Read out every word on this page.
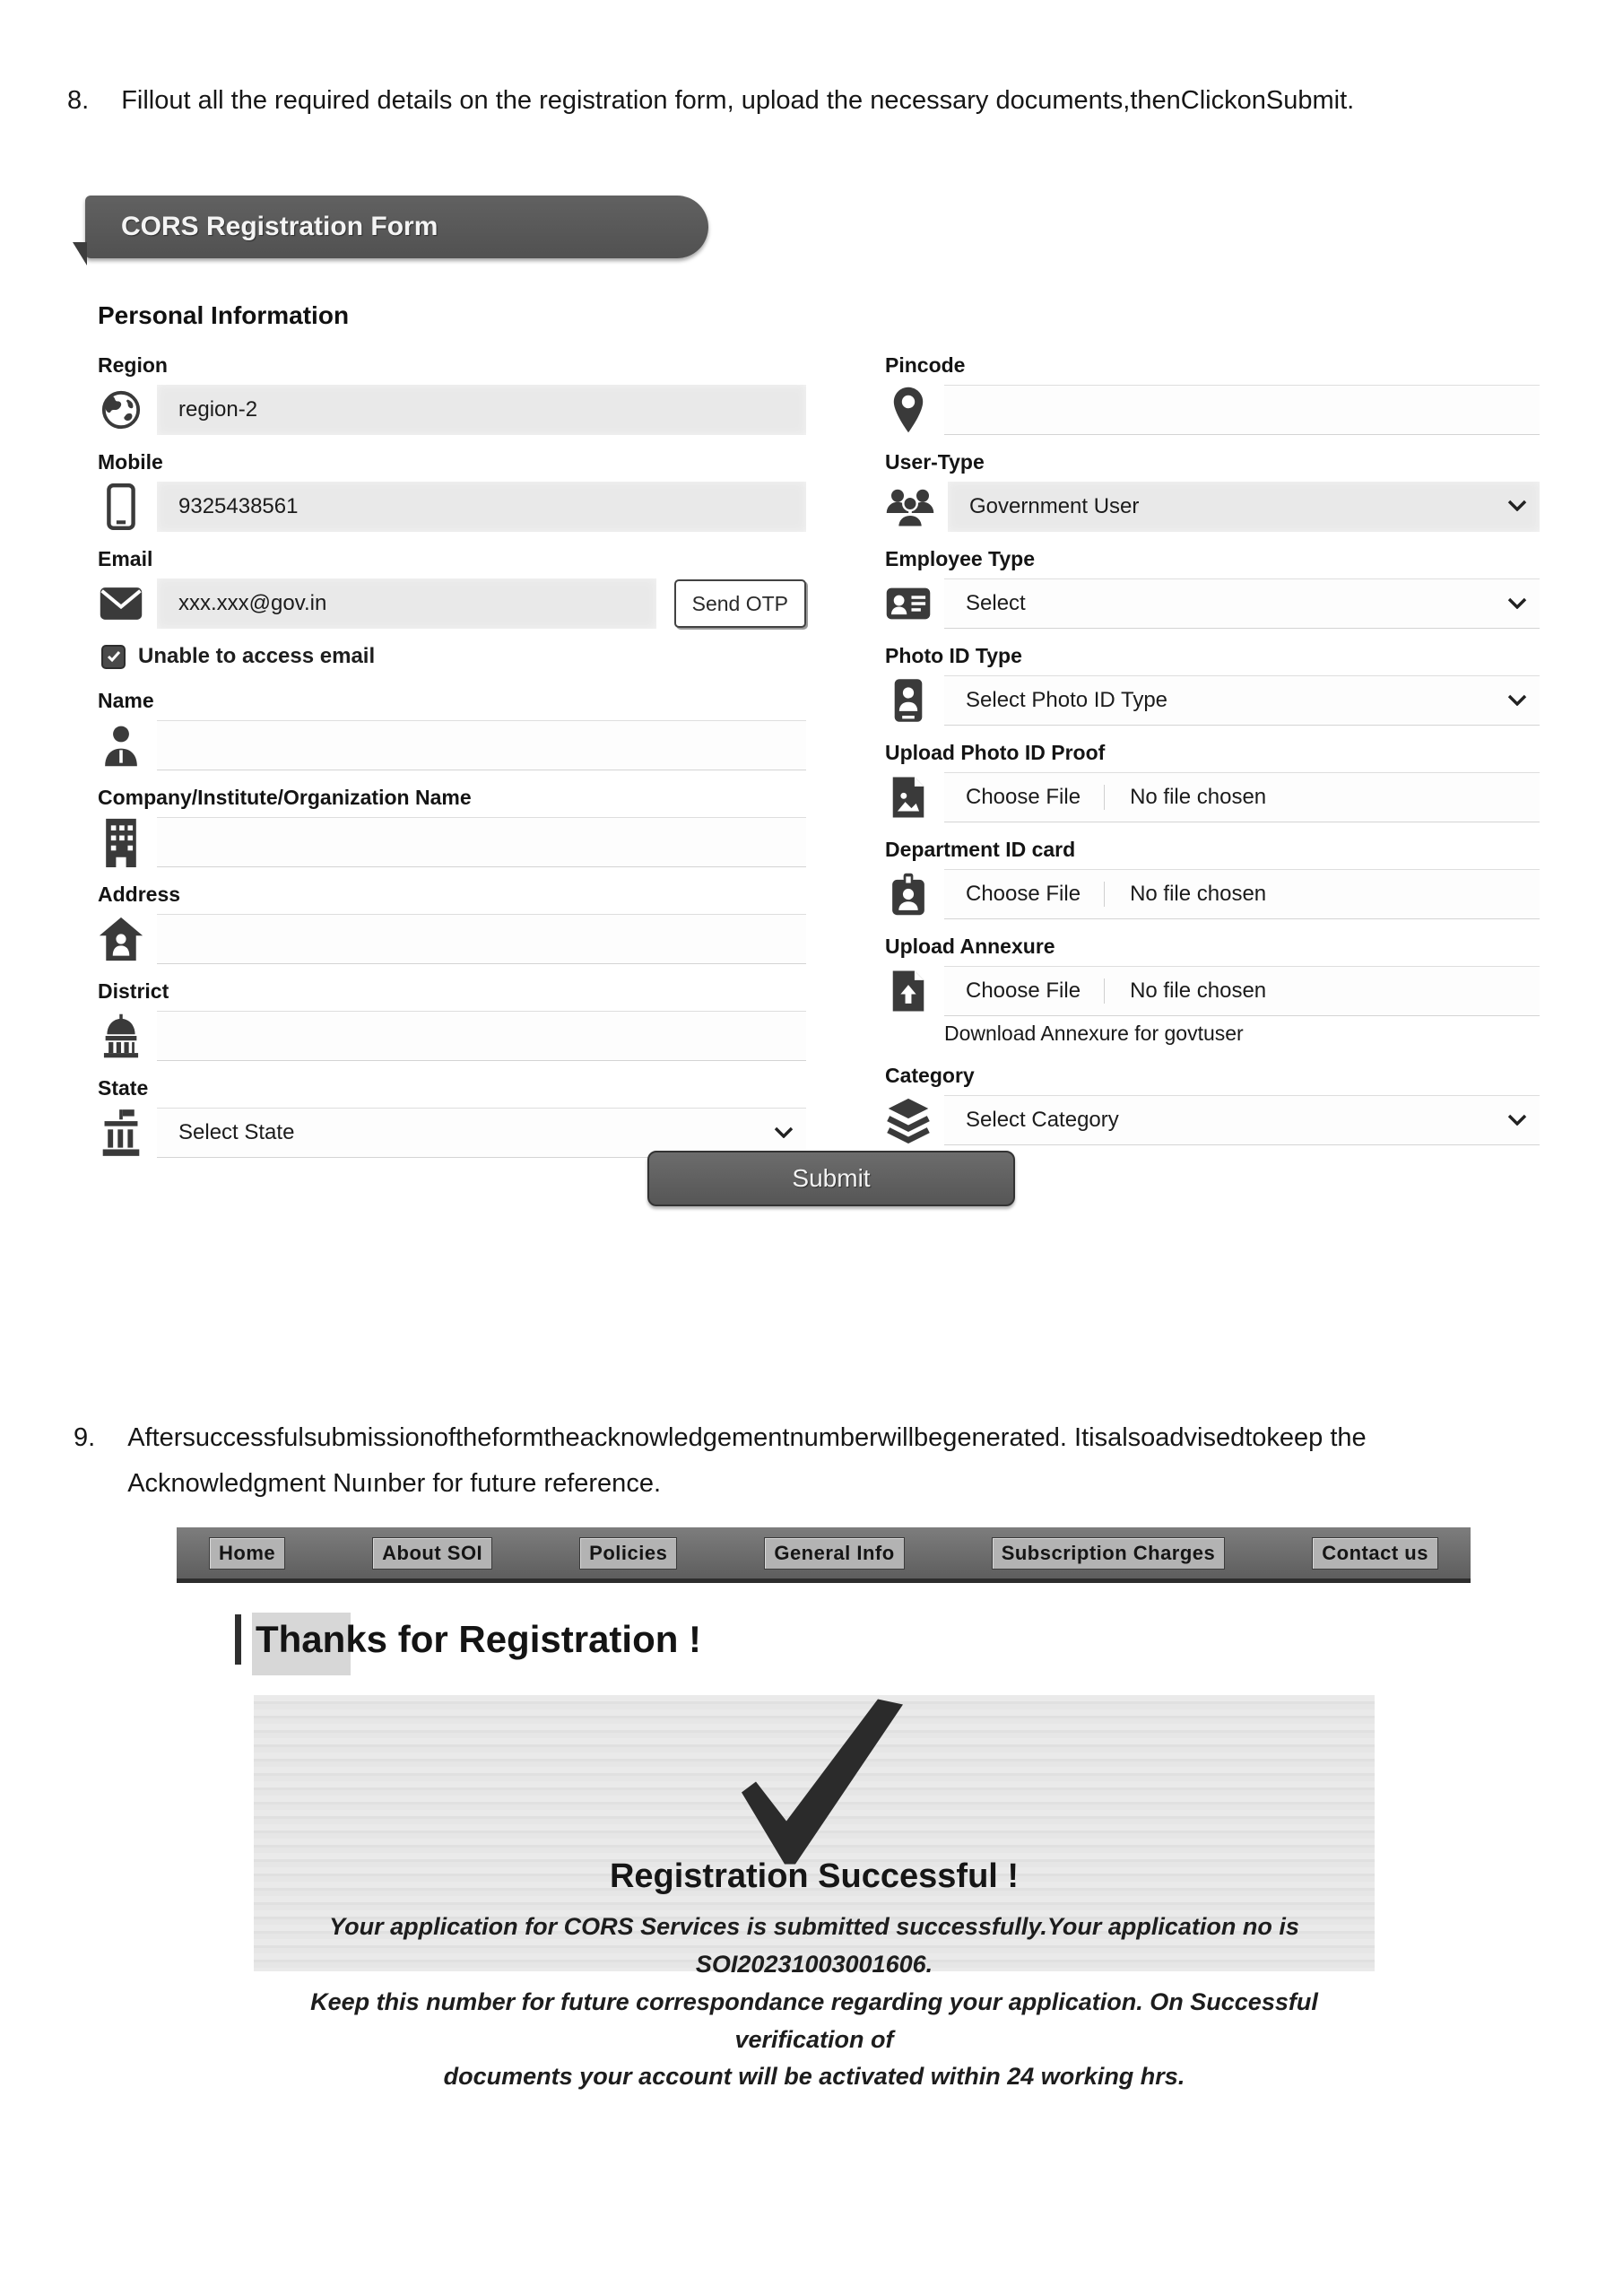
8. Fillout all the required details on the registration form, upload the necessary documents,thenClickonSubmit.
CORS Registration Form
Personal Information
Region
region-2
Mobile
9325438561
Email
xxx.xxx@gov.in	Send OTP
Unable to access email
Name
Company/Institute/Organization Name
Address
District
State
Select State
Pincode
User-Type
Government User
Employee Type
Select
Photo ID Type
Select Photo ID Type
Upload Photo ID Proof
Choose File	No file chosen
Department ID card
Choose File	No file chosen
Upload Annexure
Choose File	No file chosen
Download Annexure for govtuser
Category
Select Category
Submit
9. Aftersuccessfulsubmissionoftheformtheacknowledgementnumberwillbegenerated. Itisalsoadvisedtokeep the
Acknowledgment Nuınber for future reference.
Home	About SOI	Policies	General Info	Subscription Charges	Contact us
Thanks for Registration !
Registration Successful !
Your application for CORS Services is submitted successfully.Your application no is SOI20231003001606.
Keep this number for future correspondance regarding your application. On Successful verification of
documents your account will be activated within 24 working hrs.
